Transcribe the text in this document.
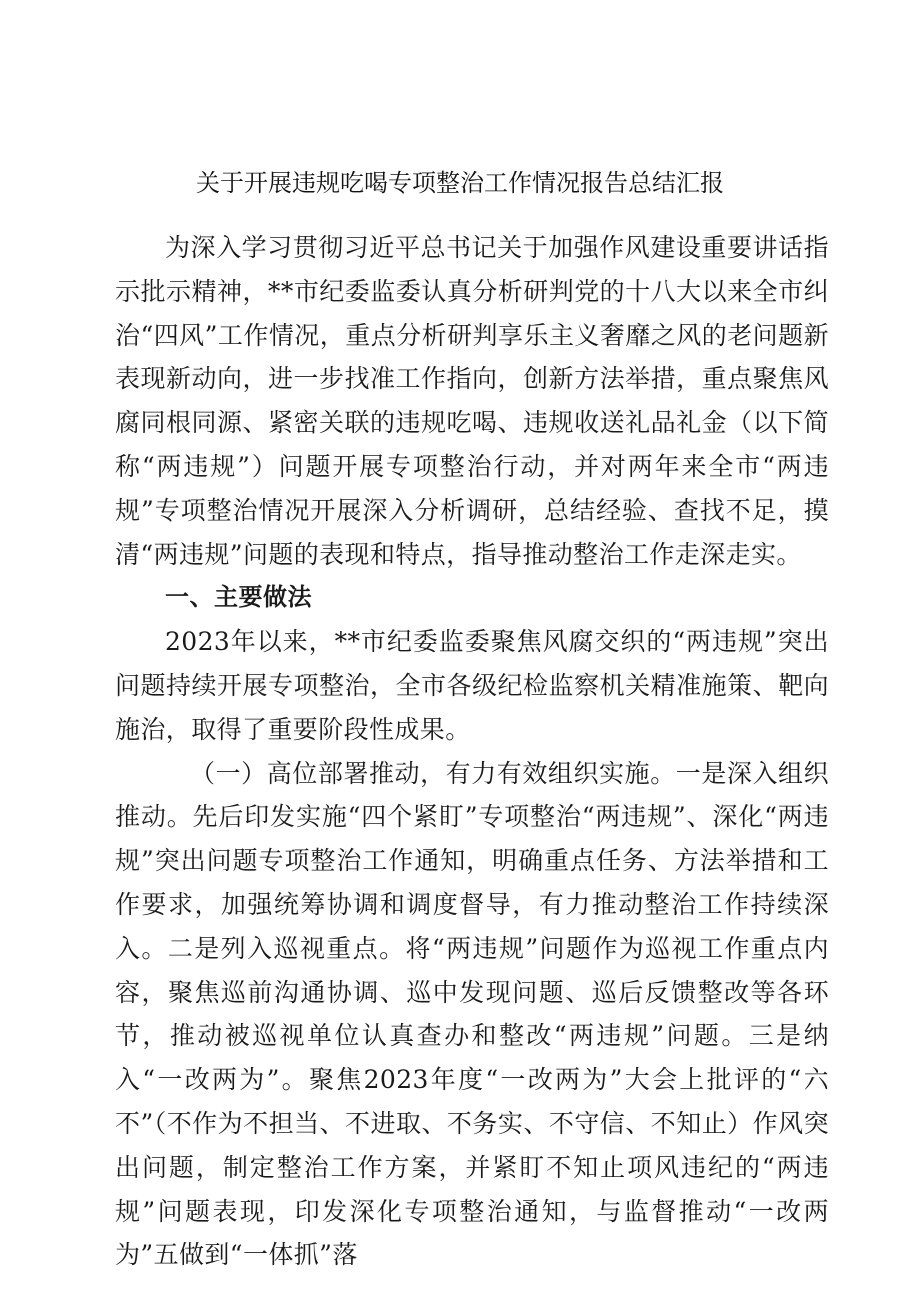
关于开展违规吃喝专项整治工作情况报告总结汇报

为深入学习贯彻习近平总书记关于加强作风建设重要讲话指示批示精神，**市纪委监委认真分析研判党的十八大以来全市纠治“四风”工作情况，重点分析研判享乐主义奢靡之风的老问题新表现新动向，进一步找准工作指向，创新方法举措，重点聚焦风腐同根同源、紧密关联的违规吃喝、违规收送礼品礼金（以下简称“两违规”）问题开展专项整治行动，并对两年来全市“两违规”专项整治情况开展深入分析调研，总结经验、查找不足，摸清“两违规”问题的表现和特点，指导推动整治工作走深走实。

一、主要做法

2023年以来，**市纪委监委聚焦风腐交织的“两违规”突出问题持续开展专项整治，全市各级纪检监察机关精准施策、靶向施治，取得了重要阶段性成果。

（一）高位部署推动，有力有效组织实施。一是深入组织推动。先后印发实施“四个紧盯”专项整治“两违规”、深化“两违规”突出问题专项整治工作通知，明确重点任务、方法举措和工作要求，加强统筹协调和调度督导，有力推动整治工作持续深入。二是列入巡视重点。将“两违规”问题作为巡视工作重点内容，聚焦巡前沟通协调、巡中发现问题、巡后反馈整改等各环节，推动被巡视单位认真查办和整改“两违规”问题。三是纳入“一改两为”。聚焦2023年度“一改两为”大会上批评的“六不”（不作为不担当、不进取、不务实、不守信、不知止）作风突出问题，制定整治工作方案，并紧盯不知止项风违纪的“两违规”问题表现，印发深化专项整治通知，与监督推动“一改两为”五做到“一体抓”落
